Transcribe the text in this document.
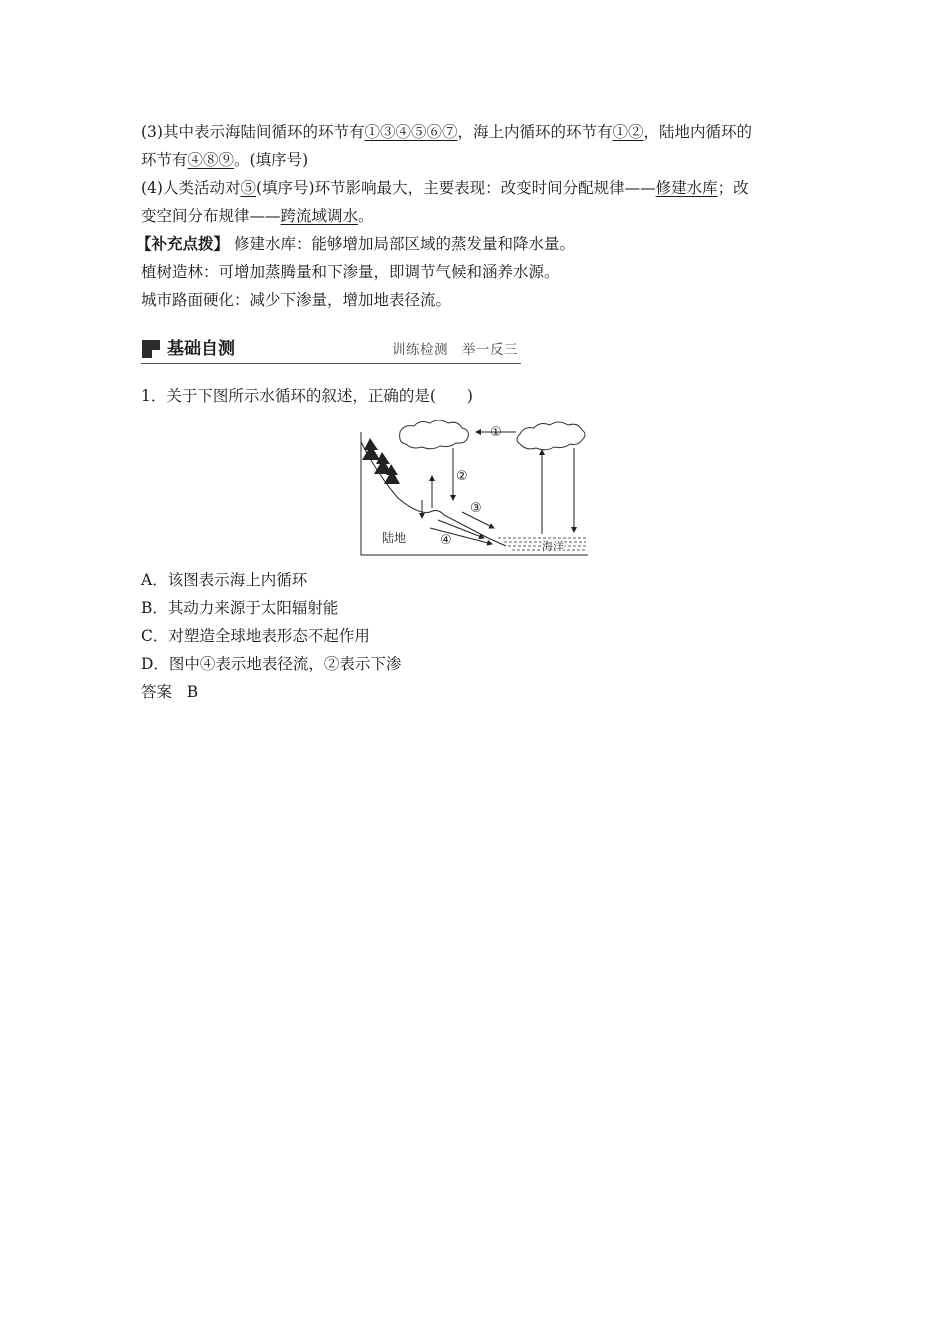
(3)其中表示海陆间循环的环节有①③④⑤⑥⑦，海上内循环的环节有①②，陆地内循环的
环节有④⑧⑨。(填序号)
(4)人类活动对⑤(填序号)环节影响最大，主要表现：改变时间分配规律——修建水库；改
变空间分布规律——跨流域调水。
【补充点拨】 修建水库：能够增加局部区域的蒸发量和降水量。
植树造林：可增加蒸腾量和下渗量，即调节气候和涵养水源。
城市路面硬化：减少下渗量，增加地表径流。
基础自测	训练检测　举一反三
1．关于下图所示水循环的叙述，正确的是(　　)
①
②
③
④
陆地
海洋
A．该图表示海上内循环
B．其动力来源于太阳辐射能
C．对塑造全球地表形态不起作用
D．图中④表示地表径流，②表示下渗
答案 B
